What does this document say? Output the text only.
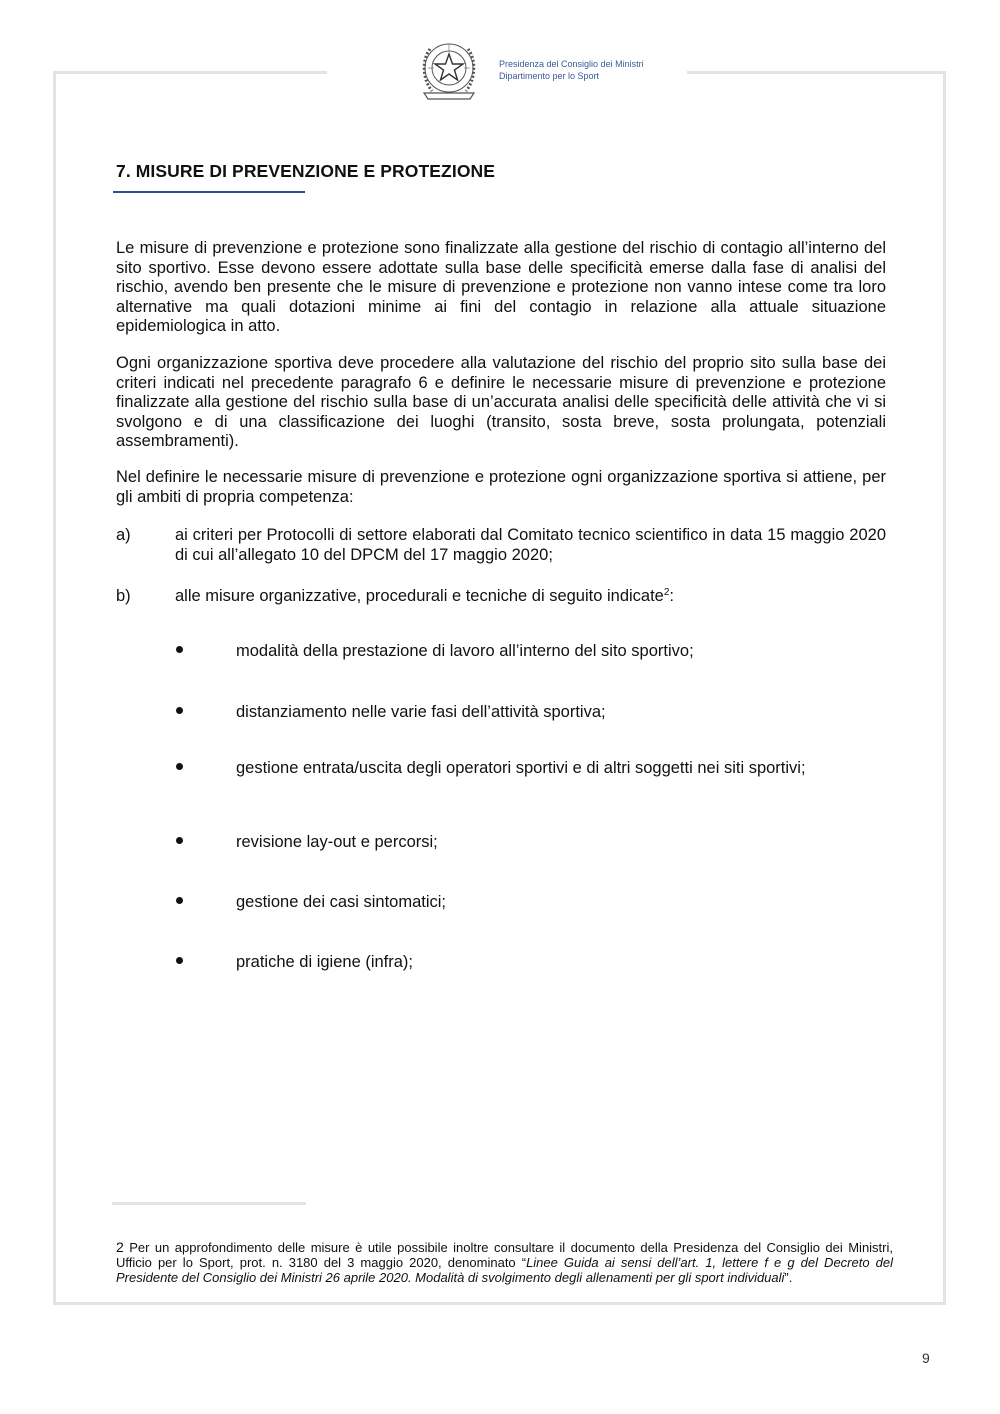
Presidenza del Consiglio dei Ministri
Dipartimento per lo Sport
7. MISURE DI PREVENZIONE E PROTEZIONE
Le misure di prevenzione e protezione sono finalizzate alla gestione del rischio di contagio all’interno del sito sportivo. Esse devono essere adottate sulla base delle specificità emerse dalla fase di analisi del rischio, avendo ben presente che le misure di prevenzione e protezione non vanno intese come tra loro alternative ma quali dotazioni minime ai fini del contagio in relazione alla attuale situazione epidemiologica in atto.
Ogni organizzazione sportiva deve procedere alla valutazione del rischio del proprio sito sulla base dei criteri indicati nel precedente paragrafo 6 e definire le necessarie misure di prevenzione e protezione finalizzate alla gestione del rischio sulla base di un’accurata analisi delle specificità delle attività che vi si svolgono e di una classificazione dei luoghi (transito, sosta breve, sosta prolungata, potenziali assembramenti).
Nel definire le necessarie misure di prevenzione e protezione ogni organizzazione sportiva si attiene, per gli ambiti di propria competenza:
a)	ai criteri per Protocolli di settore elaborati dal Comitato tecnico scientifico in data 15 maggio 2020 di cui all’allegato 10 del DPCM del 17 maggio 2020;
b)	alle misure organizzative, procedurali e tecniche di seguito indicate$^2$:
modalità della prestazione di lavoro all’interno del sito sportivo;
distanziamento nelle varie fasi dell’attività sportiva;
gestione entrata/uscita degli operatori sportivi e di altri soggetti nei siti sportivi;
revisione lay-out e percorsi;
gestione dei casi sintomatici;
pratiche di igiene (infra);
2 Per un approfondimento delle misure è utile possibile inoltre consultare il documento della Presidenza del Consiglio dei Ministri, Ufficio per lo Sport, prot. n. 3180 del 3 maggio 2020, denominato “Linee Guida ai sensi dell’art. 1, lettere f e g del Decreto del Presidente del Consiglio dei Ministri 26 aprile 2020. Modalità di svolgimento degli allenamenti per gli sport individuali”.
9
